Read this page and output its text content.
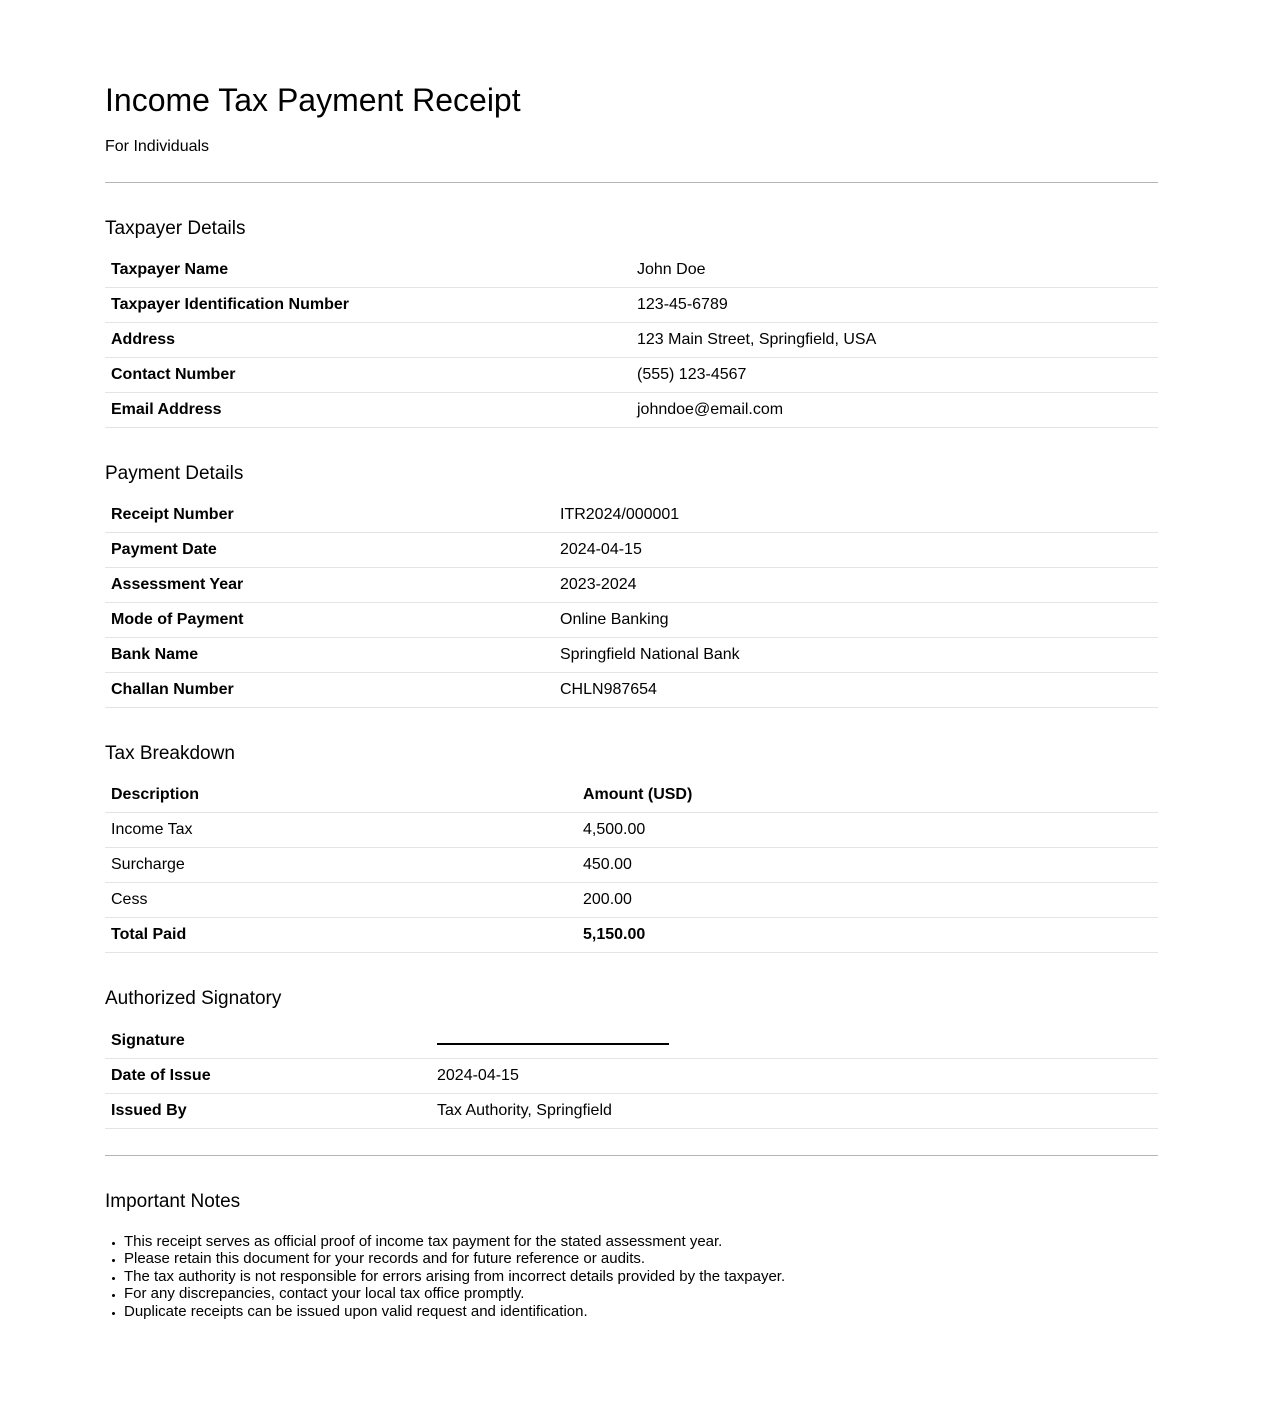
Income Tax Payment Receipt

For Individuals

Taxpayer Details
Taxpayer Name	John Doe
Taxpayer Identification Number	123-45-6789
Address	123 Main Street, Springfield, USA
Contact Number	(555) 123-4567
Email Address	johndoe@email.com
Payment Details
Receipt Number	ITR2024/000001
Payment Date	2024-04-15
Assessment Year	2023-2024
Mode of Payment	Online Banking
Bank Name	Springfield National Bank
Challan Number	CHLN987654
Tax Breakdown
Description	Amount (USD)
Income Tax	4,500.00
Surcharge	450.00
Cess	200.00
Total Paid	5,150.00
Authorized Signatory
Signature	
Date of Issue	2024-04-15
Issued By	Tax Authority, Springfield
Important Notes
• This receipt serves as official proof of income tax payment for the stated assessment year.
• Please retain this document for your records and for future reference or audits.
• The tax authority is not responsible for errors arising from incorrect details provided by the taxpayer.
• For any discrepancies, contact your local tax office promptly.
• Duplicate receipts can be issued upon valid request and identification.
